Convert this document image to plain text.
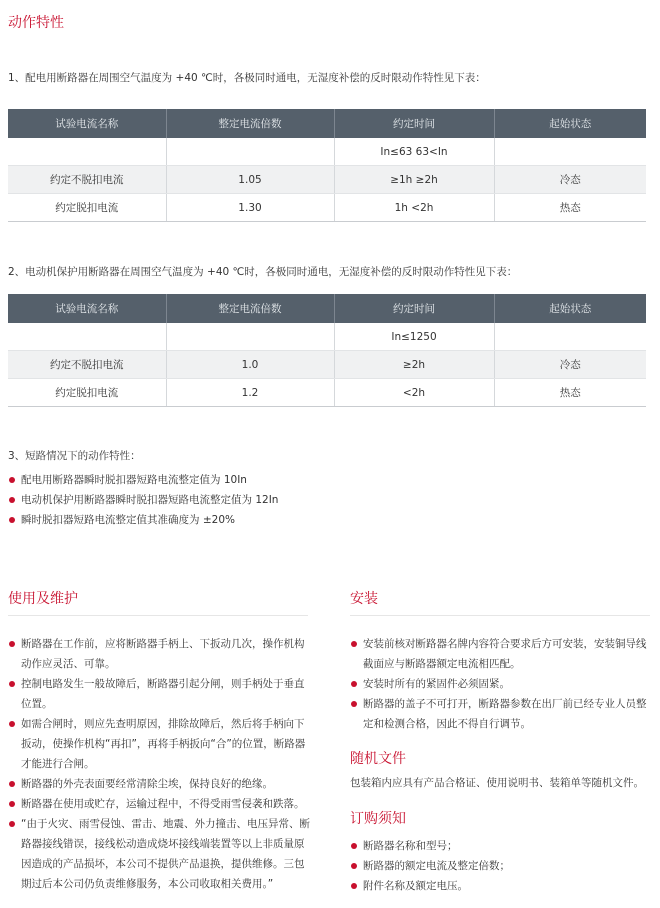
动作特性
1、配电用断路器在周围空气温度为 +40 ℃时，各极同时通电，无湿度补偿的反时限动作特性见下表：
试验电流名称	整定电流倍数	约定时间	起始状态
		In≤63 63<In	
约定不脱扣电流	1.05	≥1h ≥2h	冷态
约定脱扣电流	1.30	1h <2h	热态
2、电动机保护用断路器在周围空气温度为 +40 ℃时，各极同时通电，无湿度补偿的反时限动作特性见下表：
试验电流名称	整定电流倍数	约定时间	起始状态
		In≤1250	
约定不脱扣电流	1.0	≥2h	冷态
约定脱扣电流	1.2	<2h	热态
3、短路情况下的动作特性：
配电用断路器瞬时脱扣器短路电流整定值为 10In
电动机保护用断路器瞬时脱扣器短路电流整定值为 12In
瞬时脱扣器短路电流整定值其准确度为 ±20%
使用及维护
断路器在工作前，应将断路器手柄上、下扳动几次，操作机构动作应灵活、可靠。
控制电路发生一般故障后，断路器引起分闸，则手柄处于垂直位置。
如需合闸时，则应先查明原因，排除故障后，然后将手柄向下扳动，使操作机构“再扣”，再将手柄扳向“合”的位置，断路器才能进行合闸。
断路器的外壳表面要经常清除尘埃，保持良好的绝缘。
断路器在使用或贮存，运输过程中，不得受雨雪侵袭和跌落。
“由于火灾、雨雪侵蚀、雷击、地震、外力撞击、电压异常、断路器接线错误，接线松动造成烧坏接线端装置等以上非质量原因造成的产品损坏，本公司不提供产品退换，提供维修。三包期过后本公司仍负责维修服务，本公司收取相关费用。”
安装
安装前核对断路器名牌内容符合要求后方可安装，安装铜导线截面应与断路器额定电流相匹配。
安装时所有的紧固件必须固紧。
断路器的盖子不可打开，断路器参数在出厂前已经专业人员整定和检测合格，因此不得自行调节。
随机文件
包装箱内应具有产品合格证、使用说明书、装箱单等随机文件。
订购须知
断路器名称和型号；
断路器的额定电流及整定倍数；
附件名称及额定电压。
